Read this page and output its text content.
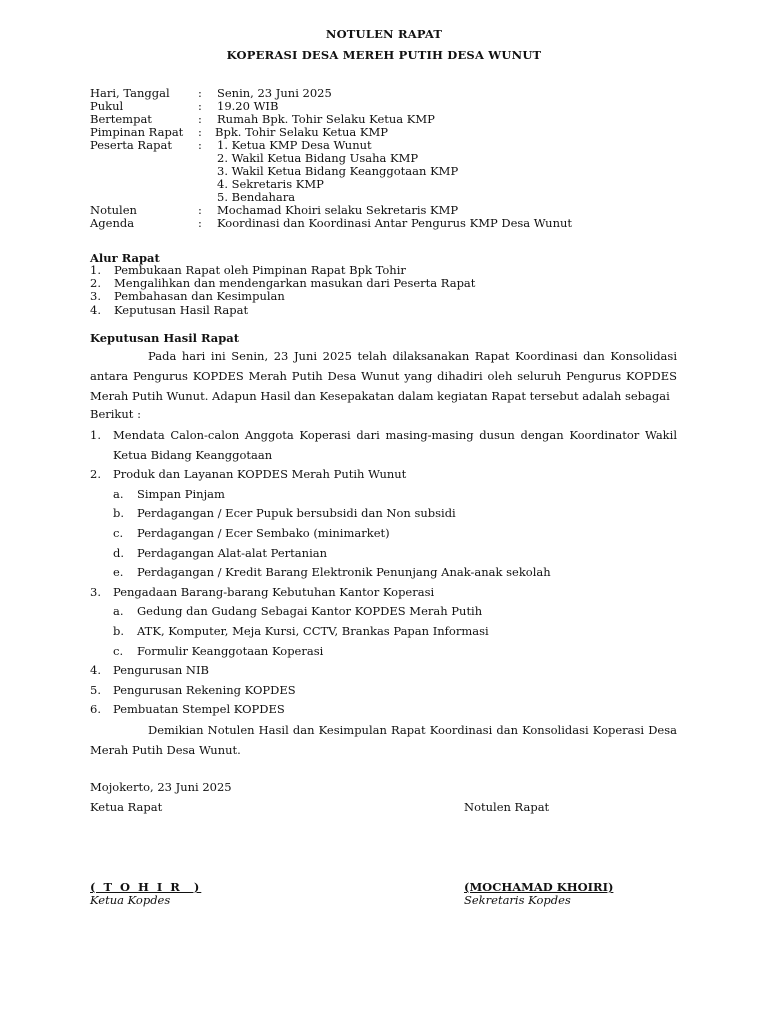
NOTULEN RAPAT
KOPERASI DESA MEREH PUTIH DESA WUNUT
Hari, Tanggal	:	Senin, 23 Juni 2025
Pukul	:	19.20 WIB
Bertempat	:	Rumah Bpk. Tohir Selaku Ketua KMP
Pimpinan Rapat	:	Bpk. Tohir Selaku Ketua KMP
Peserta Rapat	:	1. Ketua KMP Desa Wunut
2. Wakil Ketua Bidang Usaha KMP
3. Wakil Ketua Bidang Keanggotaan KMP
4. Sekretaris KMP
5. Bendahara
Notulen	:	Mochamad Khoiri selaku Sekretaris KMP
Agenda	:	Koordinasi dan Koordinasi Antar Pengurus KMP Desa Wunut
Alur Rapat
1.	Pembukaan Rapat oleh Pimpinan Rapat Bpk Tohir
2.	Mengalihkan dan mendengarkan masukan dari Peserta Rapat
3.	Pembahasan dan Kesimpulan
4.	Keputusan Hasil Rapat
Keputusan Hasil Rapat
Pada hari ini Senin, 23 Juni 2025 telah dilaksanakan Rapat Koordinasi dan Konsolidasi antara Pengurus KOPDES Merah Putih Desa Wunut yang dihadiri oleh seluruh Pengurus KOPDES Merah Putih Wunut. Adapun Hasil dan Kesepakatan dalam kegiatan Rapat tersebut adalah sebagai
Berikut :
1.	Mendata Calon-calon Anggota Koperasi dari masing-masing dusun dengan Koordinator Wakil Ketua Bidang Keanggotaan
2.	Produk dan Layanan KOPDES Merah Putih Wunut
a.	Simpan Pinjam
b.	Perdagangan / Ecer Pupuk bersubsidi dan Non subsidi
c.	Perdagangan / Ecer Sembako (minimarket)
d.	Perdagangan Alat-alat Pertanian
e.	Perdagangan / Kredit Barang Elektronik Penunjang Anak-anak sekolah
3.	Pengadaan Barang-barang Kebutuhan Kantor Koperasi
a.	Gedung dan Gudang Sebagai Kantor KOPDES Merah Putih
b.	ATK, Komputer, Meja Kursi, CCTV, Brankas Papan Informasi
c.	Formulir Keanggotaan Koperasi
4.	Pengurusan NIB
5.	Pengurusan Rekening KOPDES
6.	Pembuatan Stempel KOPDES
Demikian Notulen Hasil dan Kesimpulan Rapat Koordinasi dan Konsolidasi Koperasi Desa Merah Putih Desa Wunut.
Mojokerto, 23 Juni 2025
Ketua Rapat	Notulen Rapat
( T O H I R  )	(MOCHAMAD KHOIRI)
Ketua Kopdes	Sekretaris Kopdes
